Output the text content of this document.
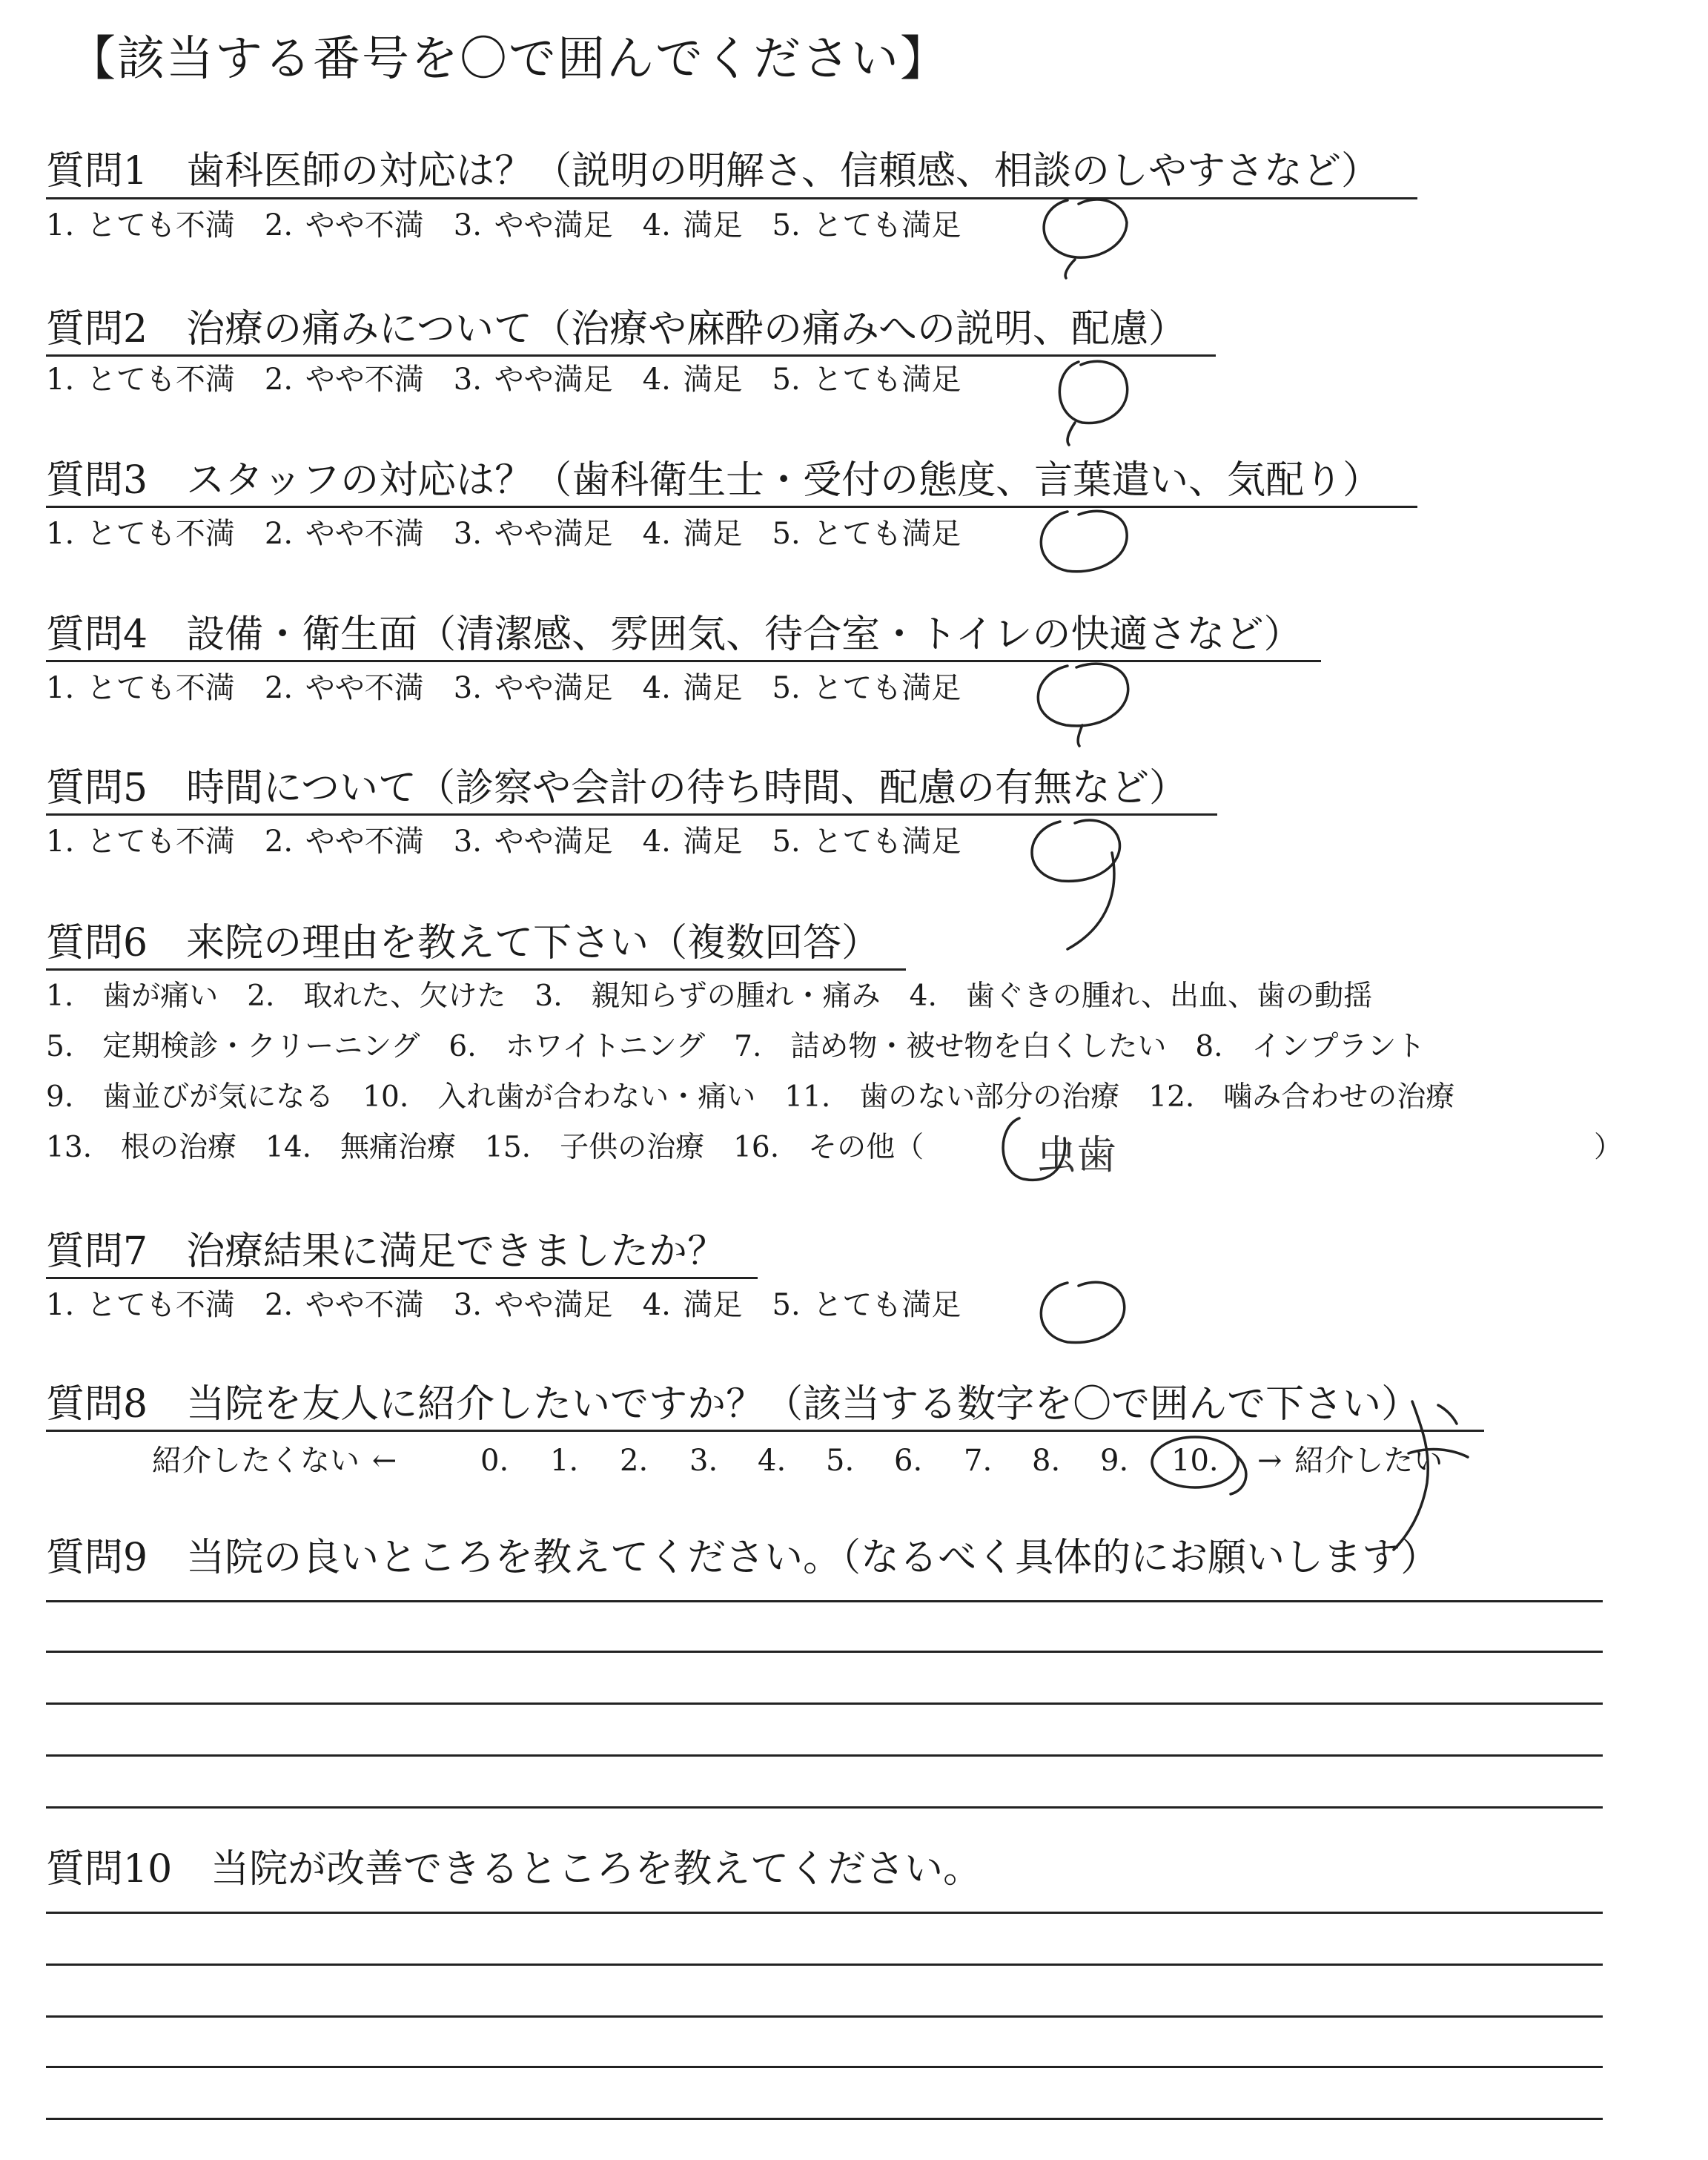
【該当する番号を〇で囲んでください】
質問1　歯科医師の対応は？（説明の明解さ、信頼感、相談のしやすさなど）
1. とても不満　2. やや不満　3. やや満足　4. 満足　5. とても満足
質問2　治療の痛みについて（治療や麻酔の痛みへの説明、配慮）
1. とても不満　2. やや不満　3. やや満足　4. 満足　5. とても満足
質問3　スタッフの対応は？（歯科衛生士・受付の態度、言葉遣い、気配り）
1. とても不満　2. やや不満　3. やや満足　4. 満足　5. とても満足
質問4　設備・衛生面（清潔感、雰囲気、待合室・トイレの快適さなど）
1. とても不満　2. やや不満　3. やや満足　4. 満足　5. とても満足
質問5　時間について（診察や会計の待ち時間、配慮の有無など）
1. とても不満　2. やや不満　3. やや満足　4. 満足　5. とても満足
質問6　来院の理由を教えて下さい（複数回答）
1.　歯が痛い　2.　取れた、欠けた　3.　親知らずの腫れ・痛み　4.　歯ぐきの腫れ、出血、歯の動揺
5.　定期検診・クリーニング　6.　ホワイトニング　7.　詰め物・被せ物を白くしたい　8.　インプラント
9.　歯並びが気になる　10.　入れ歯が合わない・痛い　11.　歯のない部分の治療　12.　噛み合わせの治療
13.　根の治療　14.　無痛治療　15.　子供の治療　16.　その他（	虫歯	）
質問7　治療結果に満足できましたか？
1. とても不満　2. やや不満　3. やや満足　4. 満足　5. とても満足
質問8　当院を友人に紹介したいですか？（該当する数字を〇で囲んで下さい）
紹介したくない ←	0. 1. 2. 3. 4. 5. 6. 7. 8. 9. 10. → 紹介したい
質問9　当院の良いところを教えてください。（なるべく具体的にお願いします）
質問10　当院が改善できるところを教えてください。
